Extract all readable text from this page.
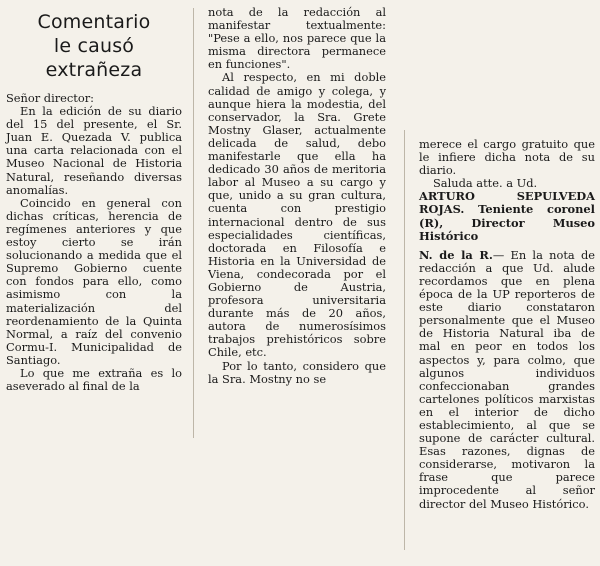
Comentario
le causó
extrañeza

Señor director:

En la edición de su diario del 15 del presente, el Sr. Juan E. Quezada V. publica una carta relacionada con el Museo Nacional de Historia Natural, reseñando diversas anomalías.

Coincido en general con dichas críticas, herencia de regímenes anteriores y que estoy cierto se irán solucionando a medida que el Supremo Gobierno cuente con fondos para ello, como asimismo con la materialización del reordenamiento de la Quinta Normal, a raíz del convenio Cormu-I. Municipalidad de Santiago.

Lo que me extraña es lo aseverado al final de la

nota de la redacción al manifestar textualmente: "Pese a ello, nos parece que la misma directora permanece en funciones".

Al respecto, en mi doble calidad de amigo y colega, y aunque hiera la modestia, del conservador, la Sra. Grete Mostny Glaser, actualmente delicada de salud, debo manifestarle que ella ha dedicado 30 años de meritoria labor al Museo a su cargo y que, unido a su gran cultura, cuenta con prestigio internacional dentro de sus especialidades científicas, doctorada en Filosofía e Historia en la Universidad de Viena, condecorada por el Gobierno de Austria, profesora universitaria durante más de 20 años, autora de numerosísimos trabajos prehistóricos sobre Chile, etc.

Por lo tanto, considero que la Sra. Mostny no se

merece el cargo gratuito que le infiere dicha nota de su diario.

Saluda atte. a Ud.

ARTURO SEPULVEDA ROJAS. Teniente coronel (R), Director Museo Histórico

N. de la R.— En la nota de redacción a que Ud. alude recordamos que en plena época de la UP reporteros de este diario constataron personalmente que el Museo de Historia Natural iba de mal en peor en todos los aspectos y, para colmo, que algunos individuos confeccionaban grandes cartelones políticos marxistas en el interior de dicho establecimiento, al que se supone de carácter cultural. Esas razones, dignas de considerarse, motivaron la frase que parece improcedente al señor director del Museo Histórico.
